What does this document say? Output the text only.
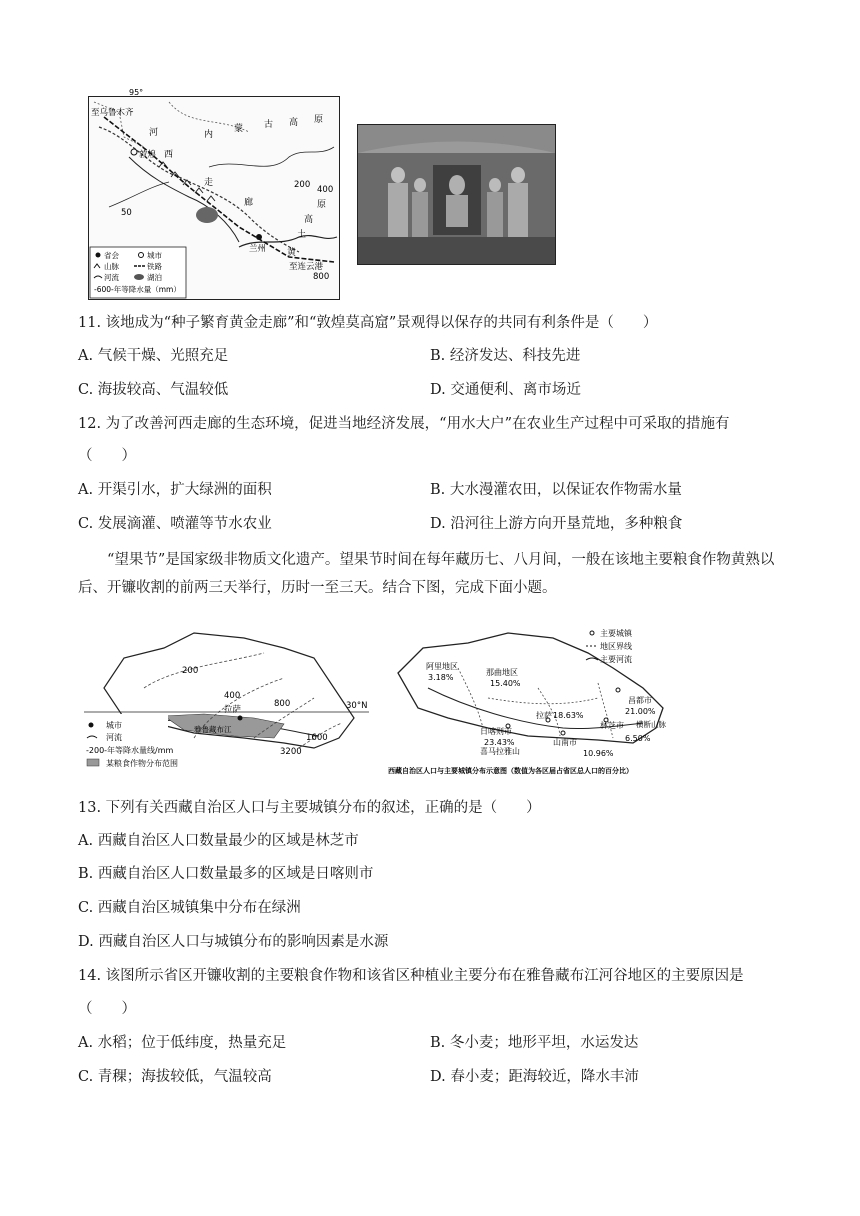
95°
至乌鲁木齐
河
西
内
蒙 古 高 原
敦煌
走
廊
黄
土
高
原
兰州
至连云港
50
200 400
800
省会	城市
山脉	铁路
河流	湖泊
-600-年等降水量（mm）
11. 该地成为“种子繁育黄金走廊”和“敦煌莫高窟”景观得以保存的共同有利条件是（　　）
A. 气候干燥、光照充足	B. 经济发达、科技先进
C. 海拔较高、气温较低	D. 交通便利、离市场近
12. 为了改善河西走廊的生态环境，促进当地经济发展，“用水大户”在农业生产过程中可采取的措施有
（　　）
A. 开渠引水，扩大绿洲的面积	B. 大水漫灌农田，以保证农作物需水量
C. 发展滴灌、喷灌等节水农业	D. 沿河往上游方向开垦荒地，多种粮食
“望果节”是国家级非物质文化遗产。望果节时间在每年藏历七、八月间，一般在该地主要粮食作物黄熟以后、开镰收割的前两三天举行，历时一至三天。结合下图，完成下面小题。
200
400
800
1600
3200
30°N
拉萨
雅鲁藏布江
城市
河流
-200-年等降水量线/mm
某粮食作物分布范围
主要城镇
地区界线
主要河流
阿里地区
3.18%
那曲地区
15.40%
昌都市
21.00%
拉萨 18.63%
日喀则市
23.43%	山南市
10.96%
林芝市
6.50%
喜马拉雅山
横断山脉
西藏自治区人口与主要城镇分布示意图（数值为各区届占省区总人口的百分比）
13. 下列有关西藏自治区人口与主要城镇分布的叙述，正确的是（　　）
A. 西藏自治区人口数量最少的区域是林芝市
B. 西藏自治区人口数量最多的区域是日喀则市
C. 西藏自治区城镇集中分布在绿洲
D. 西藏自治区人口与城镇分布的影响因素是水源
14. 该图所示省区开镰收割的主要粮食作物和该省区种植业主要分布在雅鲁藏布江河谷地区的主要原因是
（　　）
A. 水稻；位于低纬度，热量充足	B. 冬小麦；地形平坦，水运发达
C. 青稞；海拔较低，气温较高	D. 春小麦；距海较近，降水丰沛
